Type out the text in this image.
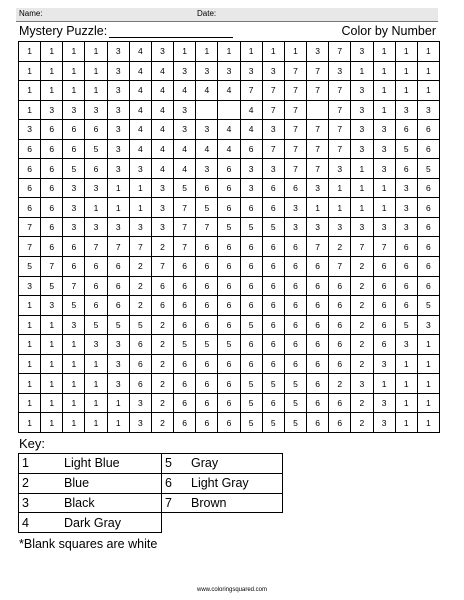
Name:	Date:
Mystery Puzzle:	Color by Number
1	1	1	1	3	4	3	1	1	1	1	1	1	3	7	3	1	1	1
1	1	1	1	3	4	4	3	3	3	3	3	7	7	3	1	1	1	1
1	1	1	1	3	4	4	4	4	4	7	7	7	7	7	3	1	1	1
1	3	3	3	3	4	4	3			4	7	7		7	3	1	3	3
3	6	6	6	3	4	4	3	3	4	4	3	7	7	7	3	3	6	6
6	6	6	5	3	4	4	4	4	4	6	7	7	7	7	3	3	5	6
6	6	5	6	3	3	4	4	3	6	3	3	7	7	3	1	3	6	5
6	6	3	3	1	1	3	5	6	6	3	6	6	3	1	1	1	3	6
6	6	3	1	1	1	3	7	5	6	6	6	3	1	1	1	1	3	6
7	6	3	3	3	3	3	7	7	5	5	5	3	3	3	3	3	3	6
7	6	6	7	7	7	2	7	6	6	6	6	6	7	2	7	7	6	6
5	7	6	6	6	2	7	6	6	6	6	6	6	6	7	2	6	6	6
3	5	7	6	6	2	6	6	6	6	6	6	6	6	6	2	6	6	6
1	3	5	6	6	2	6	6	6	6	6	6	6	6	6	2	6	6	5
1	1	3	5	5	5	2	6	6	6	5	6	6	6	6	2	6	5	3
1	1	1	3	3	6	2	5	5	5	6	6	6	6	6	2	6	3	1
1	1	1	1	3	6	2	6	6	6	6	6	6	6	6	2	3	1	1
1	1	1	1	3	6	2	6	6	6	5	5	5	6	2	3	1	1	1
1	1	1	1	1	3	2	6	6	6	5	6	5	6	6	2	3	1	1
1	1	1	1	1	3	2	6	6	6	5	5	5	6	6	2	3	1	1
Key:
1	Light Blue	5	Gray
2	Blue	6	Light Gray
3	Black	7	Brown
4	Dark Gray		
*Blank squares are white
www.coloringsquared.com
